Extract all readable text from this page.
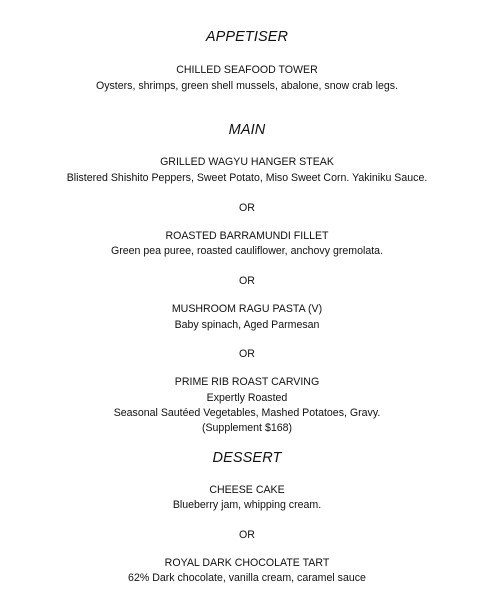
APPETISER
CHILLED SEAFOOD TOWER
Oysters, shrimps, green shell mussels, abalone, snow crab legs.
MAIN
GRILLED WAGYU HANGER STEAK
Blistered Shishito Peppers, Sweet Potato, Miso Sweet Corn. Yakiniku Sauce.
OR
ROASTED BARRAMUNDI FILLET
Green pea puree, roasted cauliflower, anchovy gremolata.
OR
MUSHROOM RAGU PASTA (V)
Baby spinach, Aged Parmesan
OR
PRIME RIB ROAST CARVING
Expertly Roasted
Seasonal Sautéed Vegetables, Mashed Potatoes, Gravy.
(Supplement $168)
DESSERT
CHEESE CAKE
Blueberry jam, whipping cream.
OR
ROYAL DARK CHOCOLATE TART
62% Dark chocolate, vanilla cream, caramel sauce
